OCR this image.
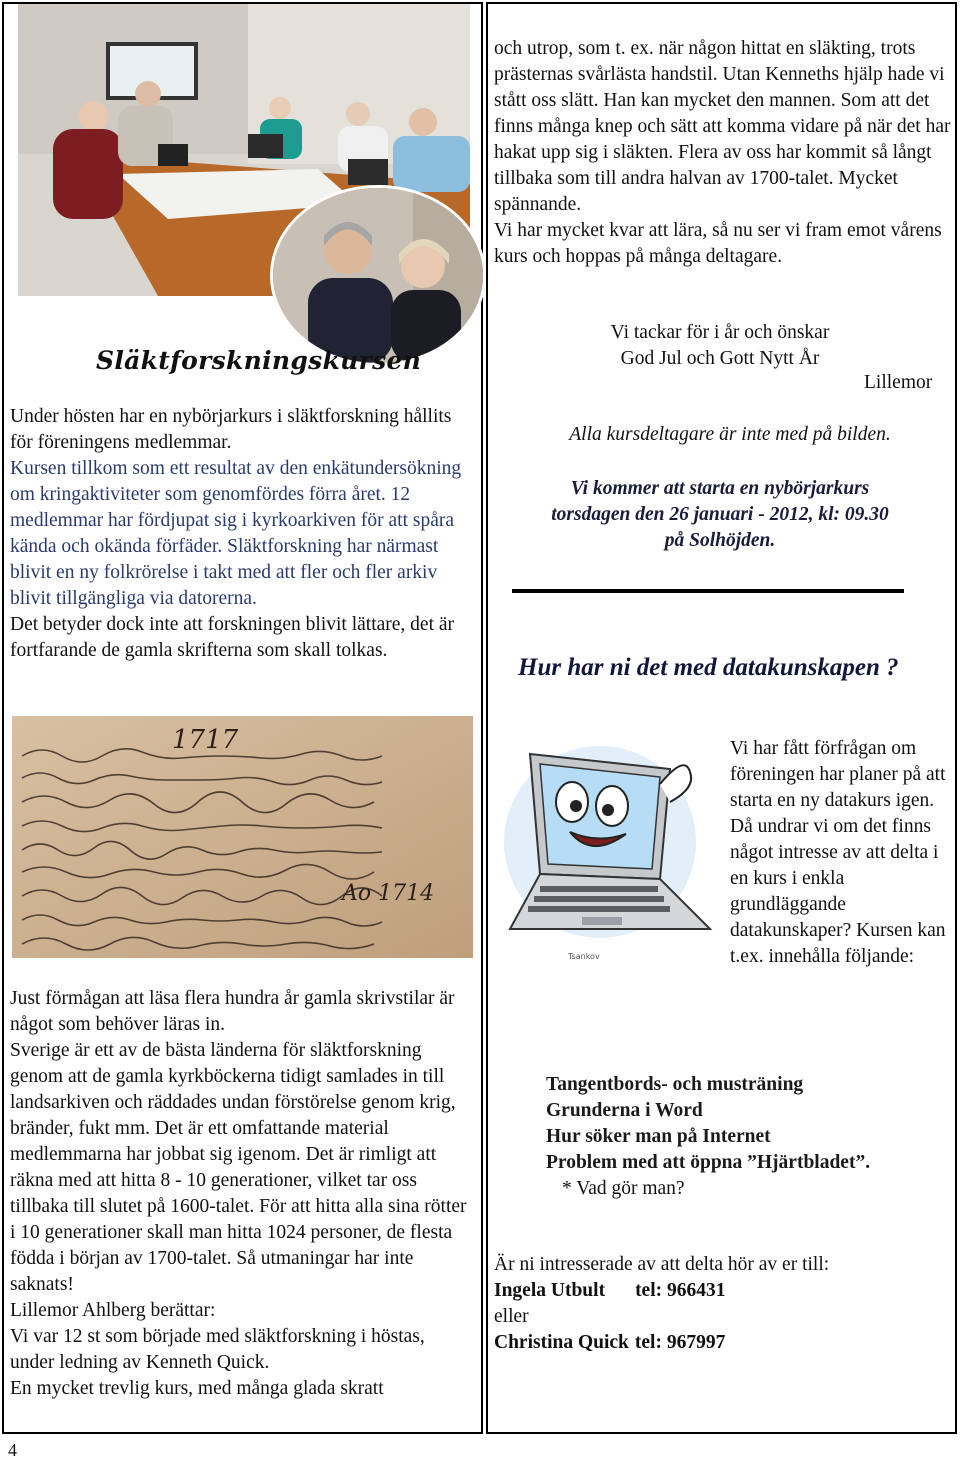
Släktforskningskursen

Under hösten har en nybörjarkurs i släktforskning hållits för föreningens medlemmar.

Kursen tillkom som ett resultat av den enkätundersökning om kringaktiviteter som genomfördes förra året. 12 medlemmar har fördjupat sig i kyrkoarkiven för att spåra kända och okända förfäder. Släktforskning har närmast blivit en ny folkrörelse i takt med att fler och fler arkiv blivit tillgängliga via datorerna.

Det betyder dock inte att forskningen blivit lättare, det är fortfarande de gamla skrifterna som skall tolkas.

1717
Ao 1714

Just förmågan att läsa flera hundra år gamla skrivstilar är något som behöver läras in.

Sverige är ett av de bästa länderna för släktforskning genom att de gamla kyrkböckerna tidigt samlades in till landsarkiven och räddades undan förstörelse genom krig, bränder, fukt mm. Det är ett omfattande material medlemmarna har jobbat sig igenom. Det är rimligt att räkna med att hitta 8 - 10 generationer, vilket tar oss tillbaka till slutet på 1600-talet. För att hitta alla sina rötter i 10 generationer skall man hitta 1024 personer, de flesta födda i början av 1700-talet. Så utmaningar har inte saknats!

Lillemor Ahlberg berättar:

Vi var 12 st som började med släktforskning i höstas, under ledning av Kenneth Quick.

En mycket trevlig kurs, med många glada skratt

och utrop, som t. ex. när någon hittat en släkting, trots prästernas svårlästa handstil. Utan Kenneths hjälp hade vi stått oss slätt. Han kan mycket den mannen. Som att det finns många knep och sätt att komma vidare på när det har hakat upp sig i släkten. Flera av oss har kommit så långt tillbaka som till andra halvan av 1700-talet. Mycket spännande.

Vi har mycket kvar att lära, så nu ser vi fram emot vårens kurs och hoppas på många deltagare.

Vi tackar för i år och önskar
God Jul och Gott Nytt År
Lillemor
Alla kursdeltagare är inte med på bilden.
Vi kommer att starta en nybörjarkurs
torsdagen den 26 januari - 2012, kl: 09.30
på Solhöjden.
Hur har ni det med datakunskapen ?
Tsankov
Vi har fått förfrågan om föreningen har planer på att starta en ny datakurs igen. Då undrar vi om det finns något intresse av att delta i en kurs i enkla grundläggande datakunskaper? Kursen kan t.ex. innehålla följande:
Tangentbords- och musträning
Grunderna i Word
Hur söker man på Internet
Problem med att öppna ”Hjärtbladet”.
* Vad gör man?
Är ni intresserade av att delta hör av er till:
Ingela Utbult tel: 966431
eller
Christina Quick tel: 967997
4
